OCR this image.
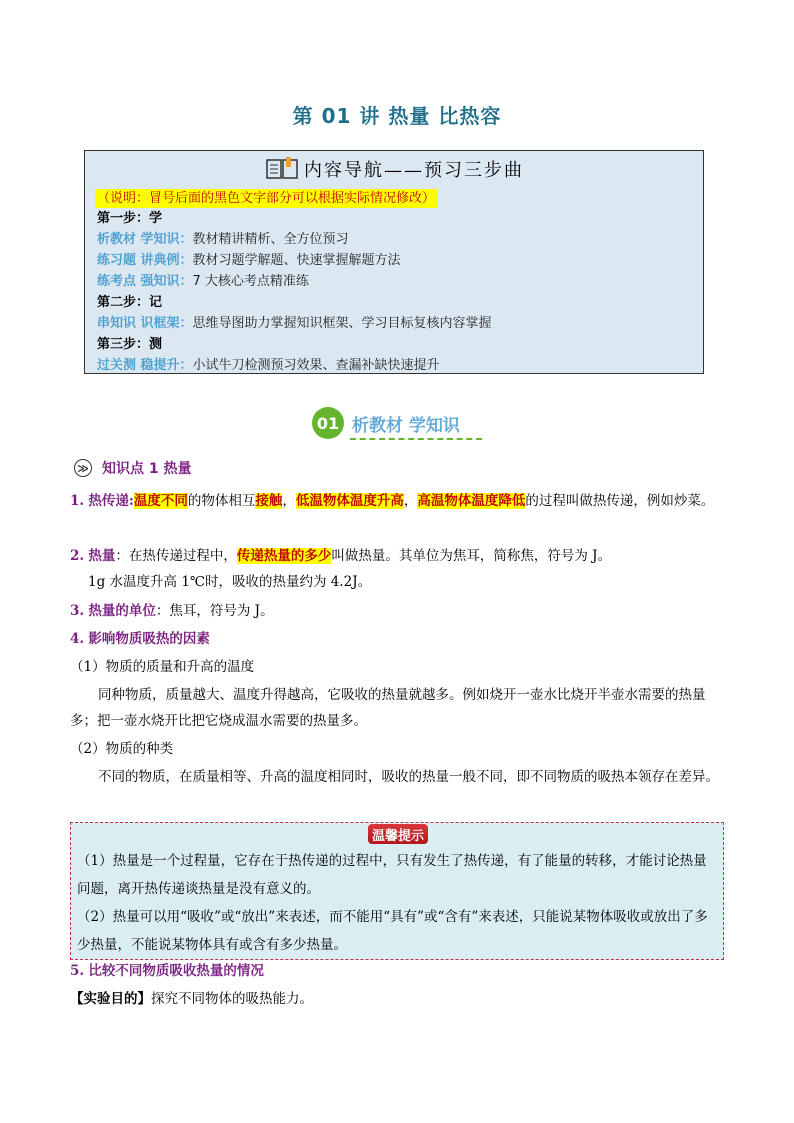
第 01 讲 热量 比热容
内容导航——预习三步曲
（说明：冒号后面的黑色文字部分可以根据实际情况修改）
第一步：学
析教材 学知识：教材精讲精析、全方位预习
练习题 讲典例：教材习题学解题、快速掌握解题方法
练考点 强知识：7 大核心考点精准练
第二步：记
串知识 识框架：思维导图助力掌握知识框架、学习目标复核内容掌握
第三步：测
过关测 稳提升：小试牛刀检测预习效果、查漏补缺快速提升
01 析教材 学知识
≫ 知识点 1 热量
1. 热传递:温度不同的物体相互接触，低温物体温度升高，高温物体温度降低的过程叫做热传递，例如炒菜。
2. 热量：在热传递过程中，传递热量的多少叫做热量。其单位为焦耳，简称焦，符号为 J。
1g 水温度升高 1℃时，吸收的热量约为 4.2J。
3. 热量的单位：焦耳，符号为 J。
4. 影响物质吸热的因素
（1）物质的质量和升高的温度
同种物质，质量越大、温度升得越高，它吸收的热量就越多。例如烧开一壶水比烧开半壶水需要的热量多；把一壶水烧开比把它烧成温水需要的热量多。
（2）物质的种类
不同的物质，在质量相等、升高的温度相同时，吸收的热量一般不同，即不同物质的吸热本领存在差异。
温馨提示
（1）热量是一个过程量，它存在于热传递的过程中，只有发生了热传递，有了能量的转移，才能讨论热量问题，离开热传递谈热量是没有意义的。
（2）热量可以用“吸收”或“放出”来表述，而不能用“具有”或“含有”来表述，只能说某物体吸收或放出了多少热量，不能说某物体具有或含有多少热量。
5. 比较不同物质吸收热量的情况
【实验目的】探究不同物体的吸热能力。
